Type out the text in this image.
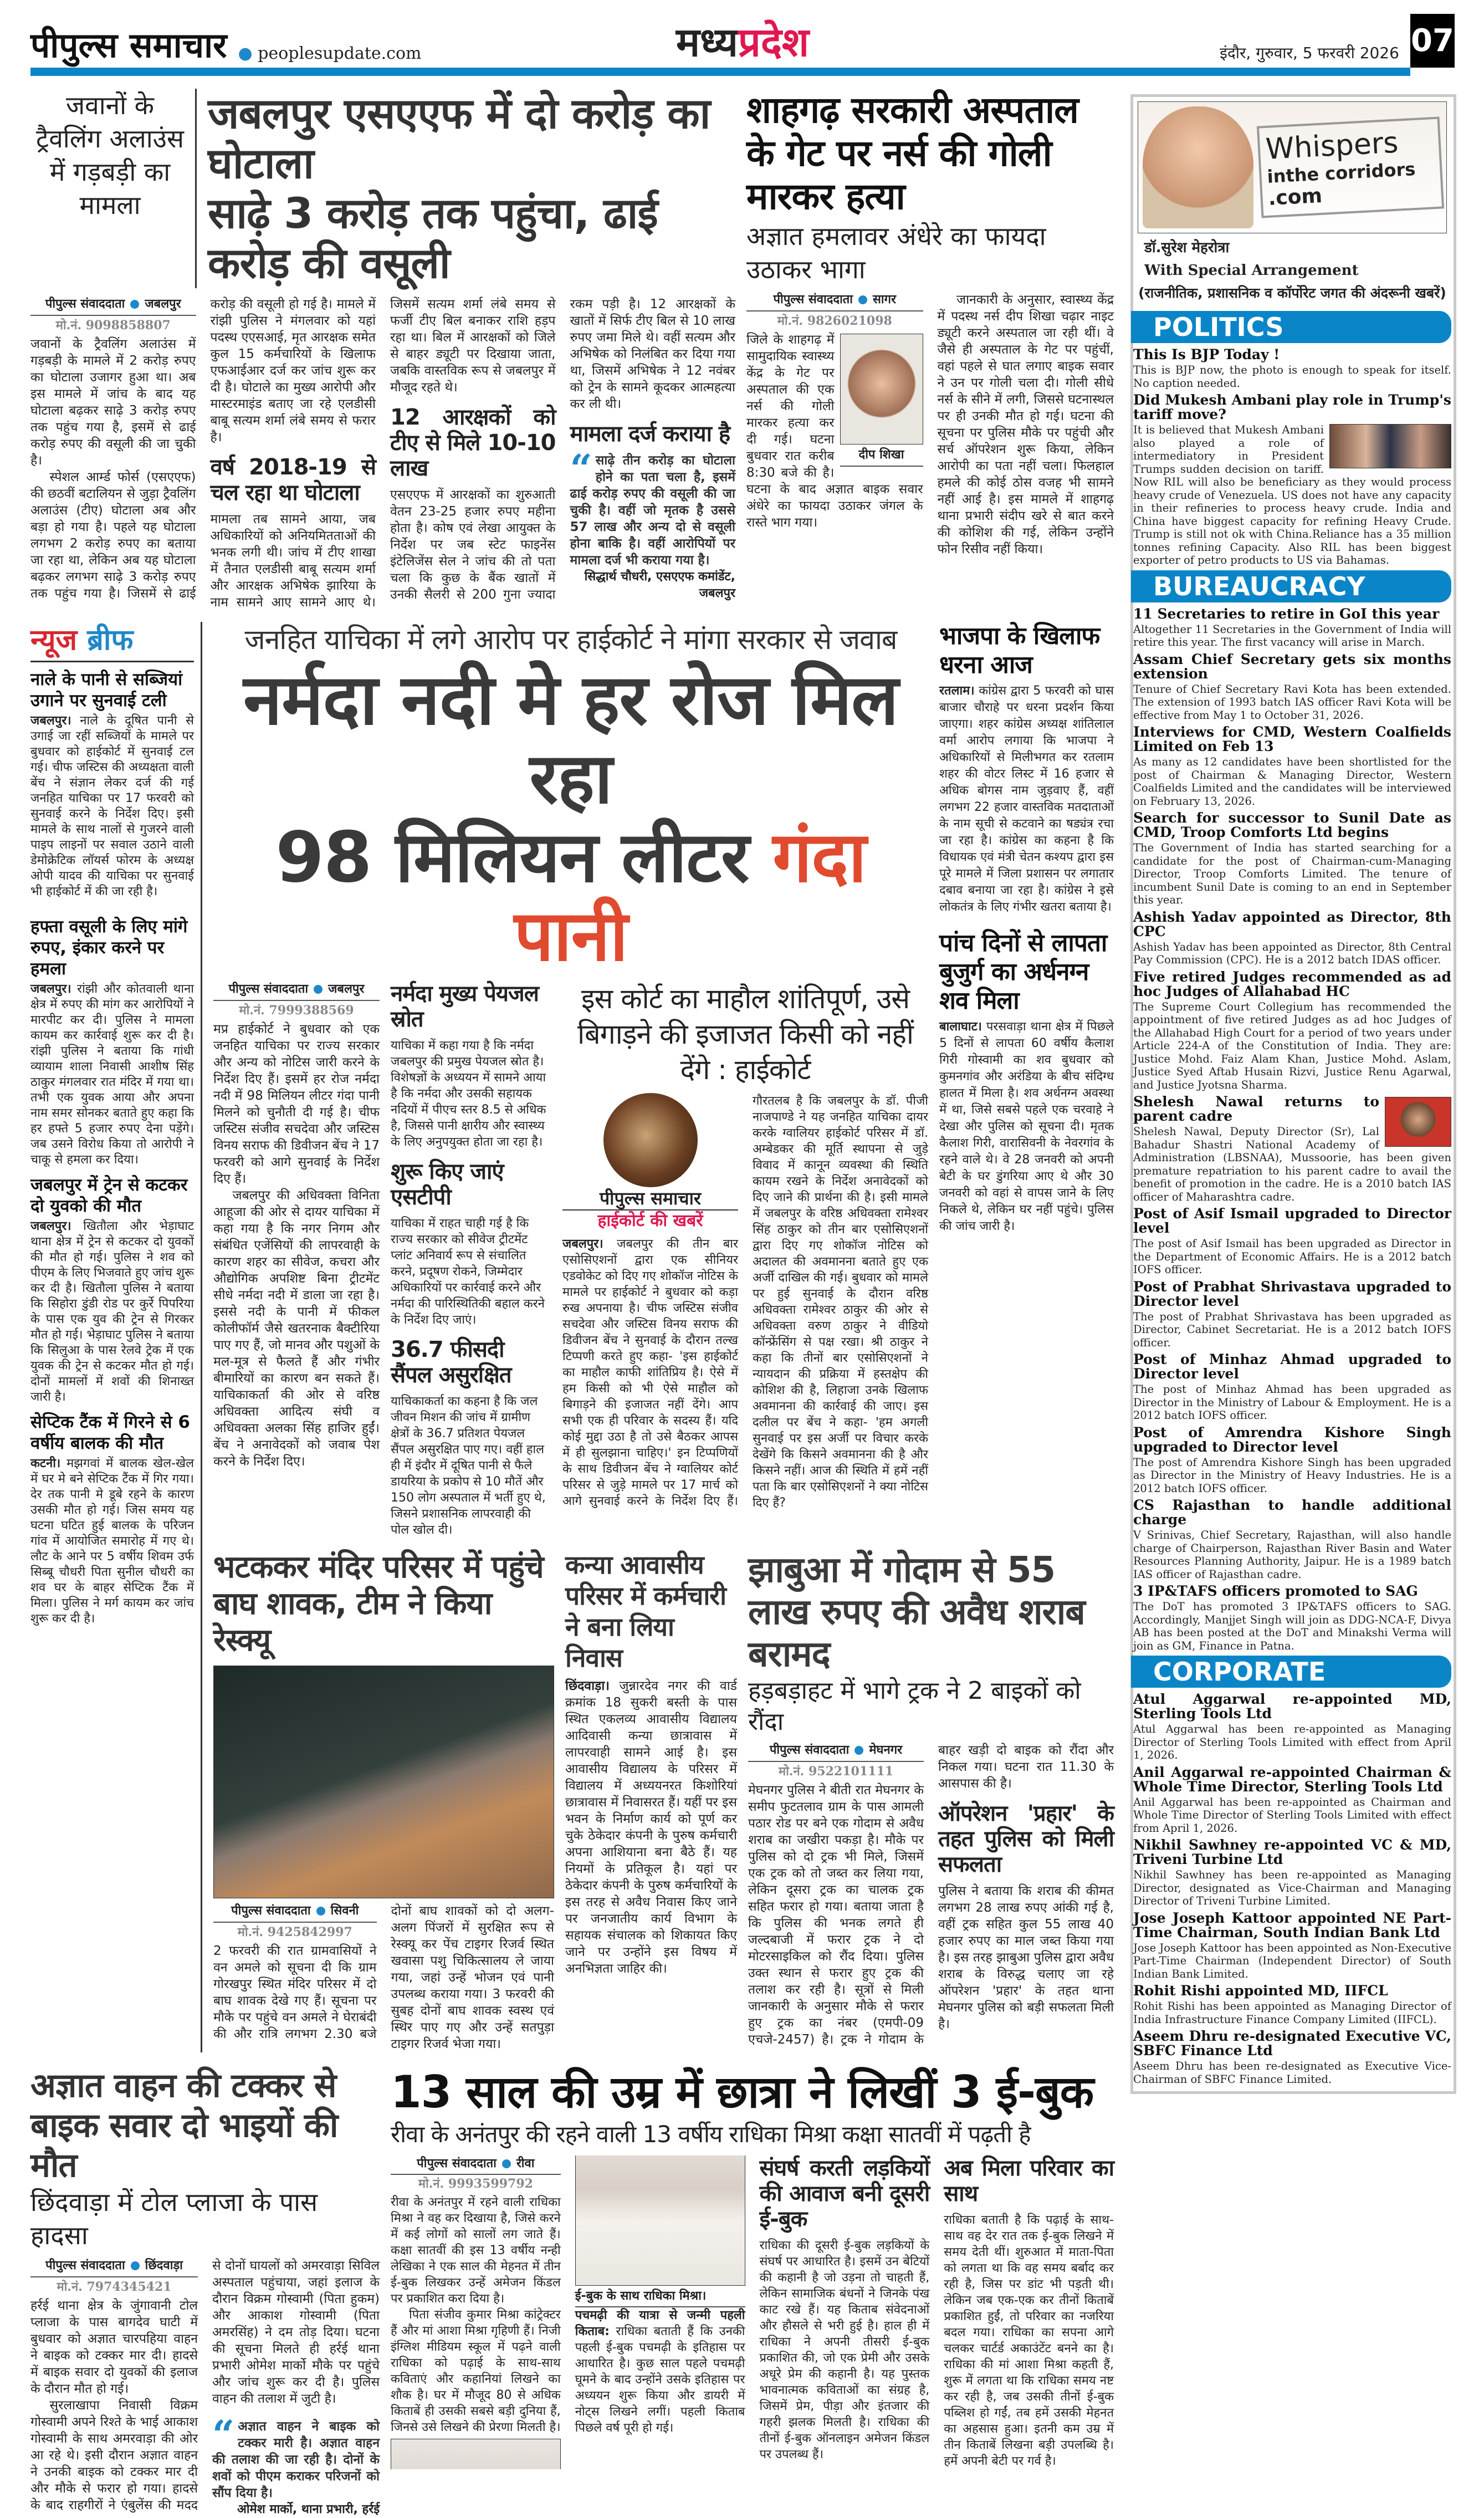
पीपुल्स समाचार ● peoplesupdate.com	मध्यप्रदेश	इंदौर, गुरुवार, 5 फरवरी 2026 07
जवानों के ट्रैवलिंग अलाउंस में गड़बड़ी का मामला
जबलपुर एसएएफ में दो करोड़ का घोटाला
साढ़े 3 करोड़ तक पहुंचा, ढाई करोड़ की वसूली
पीपुल्स संवाददाता जबलपुर
मो.नं. 9098858807

जवानों के ट्रैवलिंग अलाउंस में गड़बड़ी के मामले में 2 करोड़ रुपए का घोटाला उजागर हुआ था। अब इस मामले में जांच के बाद यह घोटाला बढ़कर साढ़े 3 करोड़ रुपए तक पहुंच गया है, इसमें से ढाई करोड़ रुपए की वसूली की जा चुकी है।

स्पेशल आर्म्ड फोर्स (एसएएफ) की छठवीं बटालियन से जुड़ा ट्रैवलिंग अलाउंस (टीए) घोटाला अब और बड़ा हो गया है। पहले यह घोटाला लगभग 2 करोड़ रुपए का बताया जा रहा था, लेकिन अब यह घोटाला बढ़कर लगभग साढ़े 3 करोड़ रुपए तक पहुंच गया है। जिसमें से ढाई करोड़ की वसूली हो गई है। मामले में रांझी पुलिस ने मंगलवार को यहां पदस्थ एएसआई, मृत आरक्षक समेत कुल 15 कर्मचारियों के खिलाफ एफआईआर दर्ज कर जांच शुरू कर दी है। घोटाले का मुख्य आरोपी और मास्टरमाइंड बताए जा रहे एलडीसी बाबू सत्यम शर्मा लंबे समय से फरार है।

वर्ष 2018-19 से चल रहा था घोटाला

मामला तब सामने आया, जब अधिकारियों को अनियमितताओं की भनक लगी थी। जांच में टीए शाखा में तैनात एलडीसी बाबू सत्यम शर्मा और आरक्षक अभिषेक झारिया के नाम सामने आए सामने आए थे। जिसमें सत्यम शर्मा लंबे समय से फर्जी टीए बिल बनाकर राशि हड़प रहा था। बिल में आरक्षकों को जिले से बाहर ड्यूटी पर दिखाया जाता, जबकि वास्तविक रूप से जबलपुर में मौजूद रहते थे।

12 आरक्षकों को टीए से मिले 10-10 लाख

एसएएफ में आरक्षकों का शुरुआती वेतन 23-25 हजार रुपए महीना होता है। कोष एवं लेखा आयुक्त के निर्देश पर जब स्टेट फाइनेंस इंटेलिजेंस सेल ने जांच की तो पता चला कि कुछ के बैंक खातों में उनकी सैलरी से 200 गुना ज्यादा रकम पड़ी है। 12 आरक्षकों के खातों में सिर्फ टीए बिल से 10 लाख रुपए जमा मिले थे। वहीं सत्यम और अभिषेक को निलंबित कर दिया गया था, जिसमें अभिषेक ने 12 नवंबर को ट्रेन के सामने कूदकर आत्महत्या कर ली थी।

मामला दर्ज कराया है
“ साढ़े तीन करोड़ का घोटाला होने का पता चला है, इसमें ढाई करोड़ रुपए की वसूली की जा चुकी है। वहीं जो मृतक है उससे 57 लाख और अन्य दो से वसूली होना बाकि है। वहीं आरोपियों पर मामला दर्ज भी कराया गया है।
सिद्धार्थ चौधरी, एसएएफ कमांडेंट, जबलपुर
शाहगढ़ सरकारी अस्पताल के गेट पर नर्स की गोली मारकर हत्या
अज्ञात हमलावर अंधेरे का फायदा उठाकर भागा
पीपुल्स संवाददाता सागर
मो.नं. 9826021098
दीप शिखा

जिले के शाहगढ़ में सामुदायिक स्वास्थ्य केंद्र के गेट पर अस्पताल की एक नर्स की गोली मारकर हत्या कर दी गई। घटना बुधवार रात करीब 8:30 बजे की है। घटना के बाद अज्ञात बाइक सवार अंधेरे का फायदा उठाकर जंगल के रास्ते भाग गया।

जानकारी के अनुसार, स्वास्थ्य केंद्र में पदस्थ नर्स दीप शिखा चढ़ार नाइट ड्यूटी करने अस्पताल जा रही थीं। वे जैसे ही अस्पताल के गेट पर पहुंचीं, वहां पहले से घात लगाए बाइक सवार ने उन पर गोली चला दी। गोली सीधे नर्स के सीने में लगी, जिससे घटनास्थल पर ही उनकी मौत हो गई। घटना की सूचना पर पुलिस मौके पर पहुंची और सर्च ऑपरेशन शुरू किया, लेकिन आरोपी का पता नहीं चला। फिलहाल हमले की कोई ठोस वजह भी सामने नहीं आई है। इस मामले में शाहगढ़ थाना प्रभारी संदीप खरे से बात करने की कोशिश की गई, लेकिन उन्होंने फोन रिसीव नहीं किया।

न्यूज ब्रीफ
नाले के पानी से सब्जियां उगाने पर सुनवाई टली
जबलपुर। नाले के दूषित पानी से उगाई जा रहीं सब्जियों के मामले पर बुधवार को हाईकोर्ट में सुनवाई टल गई। चीफ जस्टिस की अध्यक्षता वाली बेंच ने संज्ञान लेकर दर्ज की गई जनहित याचिका पर 17 फरवरी को सुनवाई करने के निर्देश दिए। इसी मामले के साथ नालों से गुजरने वाली पाइप लाइनों पर सवाल उठाने वाली डेमोक्रेटिक लॉयर्स फोरम के अध्यक्ष ओपी यादव की याचिका पर सुनवाई भी हाईकोर्ट में की जा रही है।
हफ्ता वसूली के लिए मांगे रुपए, इंकार करने पर हमला
जबलपुर। रांझी और कोतवाली थाना क्षेत्र में रुपए की मांग कर आरोपियों ने मारपीट कर दी। पुलिस ने मामला कायम कर कार्रवाई शुरू कर दी है। रांझी पुलिस ने बताया कि गांधी व्यायाम शाला निवासी आशीष सिंह ठाकुर मंगलवार रात मंदिर में गया था। तभी एक युवक आया और अपना नाम समर सोनकर बताते हुए कहा कि हर हफ्ते 5 हजार रुपए देना पड़ेंगे। जब उसने विरोध किया तो आरोपी ने चाकू से हमला कर दिया।
जबलपुर में ट्रेन से कटकर दो युवको की मौत
जबलपुर। खितौला और भेड़ाघाट थाना क्षेत्र में ट्रेन से कटकर दो युवकों की मौत हो गई। पुलिस ने शव को पीएम के लिए भिजवाते हुए जांच शुरू कर दी है। खितौला पुलिस ने बताया कि सिहोरा डुंडी रोड पर कुर्रे पिपरिया के पास एक युव की ट्रेन से गिरकर मौत हो गई। भेड़ाघाट पुलिस ने बताया कि सिलुआ के पास रेलवे ट्रेक में एक युवक की ट्रेन से कटकर मौत हो गई। दोनों मामलों में शवों की शिनाख्त जारी है।
सेप्टिक टैंक में गिरने से 6 वर्षीय बालक की मौत
कटनी। मझगवां में बालक खेल-खेल में घर मे बने सेप्टिक टैंक में गिर गया। देर तक पानी मे डूबे रहने के कारण उसकी मौत हो गई। जिस समय यह घटना घटित हुई बालक के परिजन गांव में आयोजित समारोह में गए थे। लौट के आने पर 5 वर्षीय शिवम उर्फ सिब्बू चौधरी पिता सुनील चौधरी का शव घर के बाहर सेप्टिक टैंक में मिला। पुलिस ने मर्ग कायम कर जांच शुरू कर दी है।
जनहित याचिका में लगे आरोप पर हाईकोर्ट ने मांगा सरकार से जवाब
नर्मदा नदी मे हर रोज मिल रहा
98 मिलियन लीटर गंदा पानी
पीपुल्स संवाददाता जबलपुर
मो.नं. 7999388569

मप्र हाईकोर्ट ने बुधवार को एक जनहित याचिका पर राज्य सरकार और अन्य को नोटिस जारी करने के निर्देश दिए हैं। इसमें हर रोज नर्मदा नदी में 98 मिलियन लीटर गंदा पानी मिलने को चुनौती दी गई है। चीफ जस्टिस संजीव सचदेवा और जस्टिस विनय सराफ की डिवीजन बेंच ने 17 फरवरी को आगे सुनवाई के निर्देश दिए हैं।

जबलपुर की अधिवक्ता विनिता आहूजा की ओर से दायर याचिका में कहा गया है कि नगर निगम और संबंधित एजेंसियों की लापरवाही के कारण शहर का सीवेज, कचरा और औद्योगिक अपशिष्ट बिना ट्रीटमेंट सीधे नर्मदा नदी में डाला जा रहा है। इससे नदी के पानी में फीकल कोलीफॉर्म जैसे खतरनाक बैक्टीरिया पाए गए हैं, जो मानव और पशुओं के मल-मूत्र से फैलते हैं और गंभीर बीमारियों का कारण बन सकते हैं। याचिकाकर्ता की ओर से वरिष्ठ अधिवक्ता आदित्य संघी व अधिवक्ता अलका सिंह हाजिर हुईं। बेंच ने अनावेदकों को जवाब पेश करने के निर्देश दिए।

नर्मदा मुख्य पेयजल स्रोत

याचिका में कहा गया है कि नर्मदा जबलपुर की प्रमुख पेयजल स्रोत है। विशेषज्ञों के अध्ययन में सामने आया है कि नर्मदा और उसकी सहायक नदियों में पीएच स्तर 8.5 से अधिक है, जिससे पानी क्षारीय और स्वास्थ्य के लिए अनुपयुक्त होता जा रहा है।

शुरू किए जाएं एसटीपी

याचिका में राहत चाही गई है कि राज्य सरकार को सीवेज ट्रीटमेंट प्लांट अनिवार्य रूप से संचालित करने, प्रदूषण रोकने, जिम्मेदार अधिकारियों पर कार्रवाई करने और नर्मदा की पारिस्थितिकी बहाल करने के निर्देश दिए जाएं।

36.7 फीसदी सैंपल असुरक्षित

याचिकाकर्ता का कहना है कि जल जीवन मिशन की जांच में ग्रामीण क्षेत्रों के 36.7 प्रतिशत पेयजल सैंपल असुरक्षित पाए गए। वहीं हाल ही में इंदौर में दूषित पानी से फैले डायरिया के प्रकोप से 10 मौतें और 150 लोग अस्पताल में भर्ती हुए थे, जिसने प्रशासनिक लापरवाही की पोल खोल दी।

इस कोर्ट का माहौल शांतिपूर्ण, उसे बिगाड़ने की इजाजत किसी को नहीं देंगे : हाईकोर्ट
पीपुल्स समाचार
हाईकोर्ट की खबरें

जबलपुर। जबलपुर की तीन बार एसोसिएशनों द्वारा एक सीनियर एडवोकेट को दिए गए शोकॉज नोटिस के मामले पर हाईकोर्ट ने बुधवार को कड़ा रुख अपनाया है। चीफ जस्टिस संजीव सचदेवा और जस्टिस विनय सराफ की डिवीजन बेंच ने सुनवाई के दौरान तल्ख टिप्पणी करते हुए कहा- 'इस हाईकोर्ट का माहौल काफी शांतिप्रिय है। ऐसे में हम किसी को भी ऐसे माहौल को बिगाड़ने की इजाजत नहीं देंगे। आप सभी एक ही परिवार के सदस्य हैं। यदि कोई मुद्दा उठा है तो उसे बैठकर आपस में ही सुलझाना चाहिए।' इन टिप्पणियों के साथ डिवीजन बेंच ने ग्वालियर कोर्ट परिसर से जुड़े मामले पर 17 मार्च को आगे सुनवाई करने के निर्देश दिए हैं। गौरतलब है कि जबलपुर के डॉ. पीजी नाजपाण्डे ने यह जनहित याचिका दायर करके ग्वालियर हाईकोर्ट परिसर में डॉ. अम्बेडकर की मूर्ति स्थापना से जुड़े विवाद में कानून व्यवस्था की स्थिति कायम रखने के निर्देश अनावेदकों को दिए जाने की प्रार्थना की है। इसी मामले में जबलपुर के वरिष्ठ अधिवक्ता रामेश्वर सिंह ठाकुर को तीन बार एसोसिएशनों द्वारा दिए गए शोकॉज नोटिस को अदालत की अवमानना बताते हुए एक अर्जी दाखिल की गई। बुधवार को मामले पर हुई सुनवाई के दौरान वरिष्ठ अधिवक्ता रामेश्वर ठाकुर की ओर से अधिवक्ता वरुण ठाकुर ने वीडियो कॉन्फ्रेंसिंग से पक्ष रखा। श्री ठाकुर ने कहा कि तीनों बार एसोसिएशनों ने न्यायदान की प्रक्रिया में हस्तक्षेप की कोशिश की है, लिहाजा उनके खिलाफ अवमानना की कार्रवाई की जाए। इस दलील पर बेंच ने कहा- 'हम अगली सुनवाई पर इस अर्जी पर विचार करके देखेंगे कि किसने अवमानना की है और किसने नहीं। आज की स्थिति में हमें नहीं पता कि बार एसोसिएशनों ने क्या नोटिस दिए हैं?

भाजपा के खिलाफ धरना आज
रतलाम। कांग्रेस द्वारा 5 फरवरी को घास बाजार चौराहे पर धरना प्रदर्शन किया जाएगा। शहर कांग्रेस अध्यक्ष शांतिलाल वर्मा आरोप लगाया कि भाजपा ने अधिकारियों से मिलीभगत कर रतलाम शहर की वोटर लिस्ट में 16 हजार से अधिक बोगस नाम जुड़वाए हैं, वहीं लगभग 22 हजार वास्तविक मतदाताओं के नाम सूची से कटवाने का षड्यंत्र रचा जा रहा है। कांग्रेस का कहना है कि विधायक एवं मंत्री चेतन कश्यप द्वारा इस पूरे मामले में जिला प्रशासन पर लगातार दबाव बनाया जा रहा है। कांग्रेस ने इसे लोकतंत्र के लिए गंभीर खतरा बताया है।
पांच दिनों से लापता बुजुर्ग का अर्धनग्न शव मिला
बालाघाट। परसवाड़ा थाना क्षेत्र में पिछले 5 दिनों से लापता 60 वर्षीय कैलाश गिरी गोस्वामी का शव बुधवार को कुमनगांव और अरंडिया के बीच संदिग्ध हालत में मिला है। शव अर्धनग्न अवस्था में था, जिसे सबसे पहले एक चरवाहे ने देखा और पुलिस को सूचना दी। मृतक कैलाश गिरी, वारासिवनी के नेवरगांव के रहने वाले थे। वे 28 जनवरी को अपनी बेटी के घर डुंगरिया आए थे और 30 जनवरी को वहां से वापस जाने के लिए निकले थे, लेकिन घर नहीं पहुंचे। पुलिस की जांच जारी है।
भटककर मंदिर परिसर में पहुंचे बाघ शावक, टीम ने किया रेस्क्यू
पीपुल्स संवाददाता सिवनी
मो.नं. 9425842997

2 फरवरी की रात ग्रामवासियों ने वन अमले को सूचना दी कि ग्राम गोरखपुर स्थित मंदिर परिसर में दो बाघ शावक देखे गए हैं। सूचना पर मौके पर पहुंचे वन अमले ने घेराबंदी की और रात्रि लगभग 2.30 बजे दोनों बाघ शावकों को दो अलग-अलग पिंजरों में सुरक्षित रूप से रेस्क्यू कर पेंच टाइगर रिजर्व स्थित खवासा पशु चिकित्सालय ले जाया गया, जहां उन्हें भोजन एवं पानी उपलब्ध कराया गया। 3 फरवरी की सुबह दोनों बाघ शावक स्वस्थ एवं स्थिर पाए गए और उन्हें सतपुड़ा टाइगर रिजर्व भेजा गया।

कन्या आवासीय परिसर में कर्मचारी ने बना लिया निवास
छिंदवाड़ा। जुन्नारदेव नगर की वार्ड क्रमांक 18 सुकरी बस्ती के पास स्थित एकलव्य आवासीय विद्यालय आदिवासी कन्या छात्रावास में लापरवाही सामने आई है। इस आवासीय विद्यालय के परिसर में विद्यालय में अध्ययनरत किशोरियां छात्रावास में निवासरत हैं। यहीं पर इस भवन के निर्माण कार्य को पूर्ण कर चुके ठेकेदार कंपनी के पुरुष कर्मचारी अपना आशियाना बना बैठे हैं। यह नियमों के प्रतिकूल है। यहां पर ठेकेदार कंपनी के पुरुष कर्मचारियों के इस तरह से अवैध निवास किए जाने पर जनजातीय कार्य विभाग के सहायक संचालक को शिकायत किए जाने पर उन्होंने इस विषय में अनभिज्ञता जाहिर की।
झाबुआ में गोदाम से 55 लाख रुपए की अवैध शराब बरामद
हड़बड़ाहट में भागे ट्रक ने 2 बाइकों को रौंदा
पीपुल्स संवाददाता मेघनगर
मो.नं. 9522101111

मेघनगर पुलिस ने बीती रात मेघनगर के समीप फुटतलाव ग्राम के पास आमली पठार रोड पर बने एक गोदाम से अवैध शराब का जखीरा पकड़ा है। मौके पर पुलिस को दो ट्रक भी मिले, जिसमें एक ट्रक को तो जब्त कर लिया गया, लेकिन दूसरा ट्रक का चालक ट्रक सहित फरार हो गया। बताया जाता है कि पुलिस की भनक लगते ही जल्दबाजी में फरार ट्रक ने दो मोटरसाइकिल को रौंद दिया। पुलिस उक्त स्थान से फरार हुए ट्रक की तलाश कर रही है। सूत्रों से मिली जानकारी के अनुसार मौके से फरार हुए ट्रक का नंबर (एमपी-09 एचजे-2457) है। ट्रक ने गोदाम के बाहर खड़ी दो बाइक को रौंदा और निकल गया। घटना रात 11.30 के आसपास की है।

ऑपरेशन 'प्रहार' के तहत पुलिस को मिली सफलता

पुलिस ने बताया कि शराब की कीमत लगभग 28 लाख रुपए आंकी गई है, वहीं ट्रक सहित कुल 55 लाख 40 हजार रुपए का माल जब्त किया गया है। इस तरह झाबुआ पुलिस द्वारा अवैध शराब के विरुद्ध चलाए जा रहे ऑपरेशन 'प्रहार' के तहत थाना मेघनगर पुलिस को बड़ी सफलता मिली है।

अज्ञात वाहन की टक्कर से बाइक सवार दो भाइयों की मौत
छिंदवाड़ा में टोल प्लाजा के पास हादसा
पीपुल्स संवाददाता छिंदवाड़ा
मो.नं. 7974345421

हर्रई थाना क्षेत्र के जुंगावानी टोल प्लाजा के पास बागदेव घाटी में बुधवार को अज्ञात चारपहिया वाहन ने बाइक को टक्कर मार दी। हादसे में बाइक सवार दो युवकों की इलाज के दौरान मौत हो गई।

सुरलाखापा निवासी विक्रम गोस्वामी अपने रिश्ते के भाई आकाश गोस्वामी के साथ अमरवाड़ा की ओर आ रहे थे। इसी दौरान अज्ञात वाहन ने उनकी बाइक को टक्कर मार दी और मौके से फरार हो गया। हादसे के बाद राहगीरों ने एंबुलेंस की मदद से दोनों घायलों को अमरवाड़ा सिविल अस्पताल पहुंचाया, जहां इलाज के दौरान विक्रम गोस्वामी (पिता हुकम) और आकाश गोस्वामी (पिता अमरसिंह) ने दम तोड़ दिया। घटना की सूचना मिलते ही हर्रई थाना प्रभारी ओमेश मार्को मौके पर पहुंचे और जांच शुरू कर दी है। पुलिस वाहन की तलाश में जुटी है।

“ अज्ञात वाहन ने बाइक को टक्कर मारी है। अज्ञात वाहन की तलाश की जा रही है। दोनों के शवों को पीएम कराकर परिजनों को सौंप दिया है।
ओमेश मार्को, थाना प्रभारी, हर्रई
13 साल की उम्र में छात्रा ने लिखीं 3 ई-बुक
रीवा के अनंतपुर की रहने वाली 13 वर्षीय राधिका मिश्रा कक्षा सातवीं में पढ़ती है
पीपुल्स संवाददाता रीवा
मो.नं. 9993599792

रीवा के अनंतपुर में रहने वाली राधिका मिश्रा ने वह कर दिखाया है, जिसे करने में कई लोगों को सालों लग जाते हैं। कक्षा सातवीं की इस 13 वर्षीय नन्ही लेखिका ने एक साल की मेहनत में तीन ई-बुक लिखकर उन्हें अमेजन किंडल पर प्रकाशित करा दिया है।

पिता संजीव कुमार मिश्रा कांट्रेक्टर हैं और मां आशा मिश्रा गृहिणी हैं। निजी इंग्लिश मीडियम स्कूल में पढ़ने वाली राधिका को पढ़ाई के साथ-साथ कविताएं और कहानियां लिखने का शौक है। घर में मौजूद 80 से अधिक किताबें ही उसकी सबसे बड़ी दुनिया हैं, जिनसे उसे लिखने की प्रेरणा मिलती है।

ई-बुक के साथ राधिका मिश्रा।

पचमढ़ी की यात्रा से जन्मी पहली किताब: राधिका बताती हैं कि उनकी पहली ई-बुक पचमढ़ी के इतिहास पर आधारित है। कुछ साल पहले पचमढ़ी घूमने के बाद उन्होंने उसके इतिहास पर अध्ययन शुरू किया और डायरी में नोट्स लिखने लगीं। पहली किताब पिछले वर्ष पूरी हो गई।

संघर्ष करती लड़कियों की आवाज बनी दूसरी ई-बुक

राधिका की दूसरी ई-बुक लड़कियों के संघर्ष पर आधारित है। इसमें उन बेटियों की कहानी है जो उड़ना तो चाहती हैं, लेकिन सामाजिक बंधनों ने जिनके पंख काट रखे हैं। यह किताब संवेदनाओं और हौसले से भरी हुई है। हाल ही में राधिका ने अपनी तीसरी ई-बुक प्रकाशित की, जो एक प्रेमी और उसके अधूरे प्रेम की कहानी है। यह पुस्तक भावनात्मक कविताओं का संग्रह है, जिसमें प्रेम, पीड़ा और इंतजार की गहरी झलक मिलती है। राधिका की तीनों ई-बुक ऑनलाइन अमेजन किंडल पर उपलब्ध हैं।

अब मिला परिवार का साथ

राधिका बताती है कि पढ़ाई के साथ-साथ वह देर रात तक ई-बुक लिखने में समय देती थीं। शुरुआत में माता-पिता को लगता था कि वह समय बर्बाद कर रही है, जिस पर डांट भी पड़ती थी। लेकिन जब एक-एक कर तीनों किताबें प्रकाशित हुईं, तो परिवार का नजरिया बदल गया। राधिका का सपना आगे चलकर चार्टर्ड अकाउंटेंट बनने का है। राधिका की मां आशा मिश्रा कहती हैं, शुरू में लगता था कि राधिका समय नष्ट कर रही है, जब उसकी तीनों ई-बुक पब्लिश हो गईं, तब हमें उसकी मेहनत का अहसास हुआ। इतनी कम उम्र में तीन किताबें लिखना बड़ी उपलब्धि है। हमें अपनी बेटी पर गर्व है।

Whispers
inthe corridors
.com
डॉ.सुरेश मेहरोत्रा
With Special Arrangement
(राजनीतिक, प्रशासनिक व कॉर्पोरेट जगत की अंदरूनी खबरें)
POLITICS
This Is BJP Today !

This is BJP now, the photo is enough to speak for itself. No caption needed.

Did Mukesh Ambani play role in Trump's tariff move?

It is believed that Mukesh Ambani also played a role of intermediatory in President Trumps sudden decision on tariff. Now RIL will also be beneficiary as they would process heavy crude of Venezuela. US does not have any capacity in their refineries to process heavy crude. India and China have biggest capacity for refining Heavy Crude. Trump is still not ok with China.Reliance has a 35 million tonnes refining Capacity. Also RIL has been biggest exporter of petro products to US via Bahamas.

BUREAUCRACY
11 Secretaries to retire in GoI this year

Altogether 11 Secretaries in the Government of India will retire this year. The first vacancy will arise in March.

Assam Chief Secretary gets six months extension

Tenure of Chief Secretary Ravi Kota has been extended. The extension of 1993 batch IAS officer Ravi Kota will be effective from May 1 to October 31, 2026.

Interviews for CMD, Western Coalfields Limited on Feb 13

As many as 12 candidates have been shortlisted for the post of Chairman & Managing Director, Western Coalfields Limited and the candidates will be interviewed on February 13, 2026.

Search for successor to Sunil Date as CMD, Troop Comforts Ltd begins

The Government of India has started searching for a candidate for the post of Chairman-cum-Managing Director, Troop Comforts Limited. The tenure of incumbent Sunil Date is coming to an end in September this year.

Ashish Yadav appointed as Director, 8th CPC

Ashish Yadav has been appointed as Director, 8th Central Pay Commission (CPC). He is a 2012 batch IDAS officer.

Five retired Judges recommended as ad hoc Judges of Allahabad HC

The Supreme Court Collegium has recommended the appointment of five retired Judges as ad hoc Judges of the Allahabad High Court for a period of two years under Article 224-A of the Constitution of India. They are: Justice Mohd. Faiz Alam Khan, Justice Mohd. Aslam, Justice Syed Aftab Husain Rizvi, Justice Renu Agarwal, and Justice Jyotsna Sharma.

Shelesh Nawal returns to parent cadre

Shelesh Nawal, Deputy Director (Sr), Lal Bahadur Shastri National Academy of Administration (LBSNAA), Mussoorie, has been given premature repatriation to his parent cadre to avail the benefit of promotion in the cadre. He is a 2010 batch IAS officer of Maharashtra cadre.

Post of Asif Ismail upgraded to Director level

The post of Asif Ismail has been upgraded as Director in the Department of Economic Affairs. He is a 2012 batch IOFS officer.

Post of Prabhat Shrivastava upgraded to Director level

The post of Prabhat Shrivastava has been upgraded as Director, Cabinet Secretariat. He is a 2012 batch IOFS officer.

Post of Minhaz Ahmad upgraded to Director level

The post of Minhaz Ahmad has been upgraded as Director in the Ministry of Labour & Employment. He is a 2012 batch IOFS officer.

Post of Amrendra Kishore Singh upgraded to Director level

The post of Amrendra Kishore Singh has been upgraded as Director in the Ministry of Heavy Industries. He is a 2012 batch IOFS officer.

CS Rajasthan to handle additional charge

V Srinivas, Chief Secretary, Rajasthan, will also handle charge of Chairperson, Rajasthan River Basin and Water Resources Planning Authority, Jaipur. He is a 1989 batch IAS officer of Rajasthan cadre.

3 IP&TAFS officers promoted to SAG

The DoT has promoted 3 IP&TAFS officers to SAG. Accordingly, Manjjet Singh will join as DDG-NCA-F, Divya AB has been posted at the DoT and Minakshi Verma will join as GM, Finance in Patna.

CORPORATE
Atul Aggarwal re-appointed MD, Sterling Tools Ltd

Atul Aggarwal has been re-appointed as Managing Director of Sterling Tools Limited with effect from April 1, 2026.

Anil Aggarwal re-appointed Chairman & Whole Time Director, Sterling Tools Ltd

Anil Aggarwal has been re-appointed as Chairman and Whole Time Director of Sterling Tools Limited with effect from April 1, 2026.

Nikhil Sawhney re-appointed VC & MD, Triveni Turbine Ltd

Nikhil Sawhney has been re-appointed as Managing Director, designated as Vice-Chairman and Managing Director of Triveni Turbine Limited.

Jose Joseph Kattoor appointed NE Part-Time Chairman, South Indian Bank Ltd

Jose Joseph Kattoor has been appointed as Non-Executive Part-Time Chairman (Independent Director) of South Indian Bank Limited.

Rohit Rishi appointed MD, IIFCL

Rohit Rishi has been appointed as Managing Director of India Infrastructure Finance Company Limited (IIFCL).

Aseem Dhru re-designated Executive VC, SBFC Finance Ltd

Aseem Dhru has been re-designated as Executive Vice-Chairman of SBFC Finance Limited.
